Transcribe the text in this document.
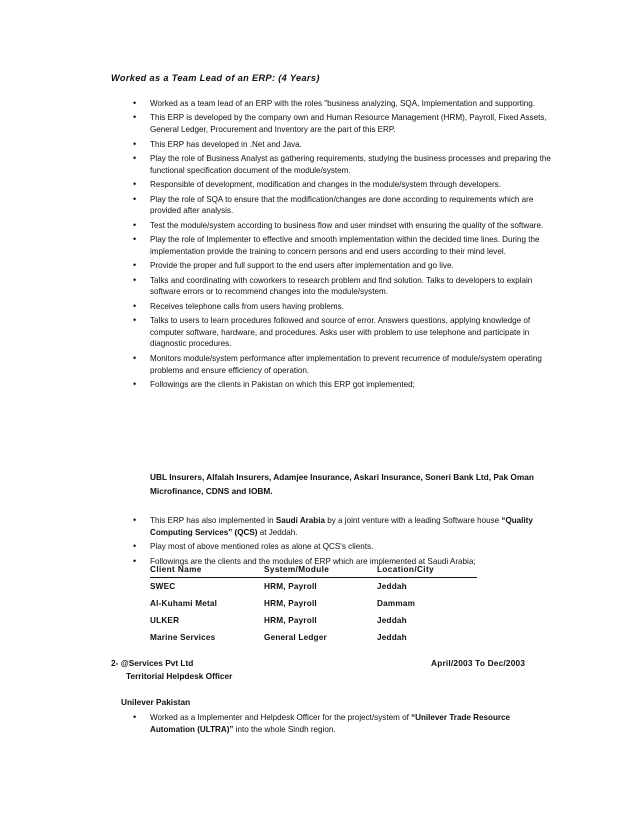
Worked as a Team Lead of an ERP: (4 Years)
• Worked as a team lead of an ERP with the roles "business analyzing, SQA, Implementation and supporting.
• This ERP is developed by the company own and Human Resource Management (HRM), Payroll, Fixed Assets, General Ledger, Procurement and Inventory are the part of this ERP.
• This ERP has developed in .Net and Java.
• Play the role of Business Analyst as gathering requirements, studying the business processes and preparing the functional specification document of the module/system.
• Responsible of development, modification and changes in the module/system through developers.
• Play the role of SQA to ensure that the modification/changes are done according to requirements which are provided after analysis.
• Test the module/system according to business flow and user mindset with ensuring the quality of the software.
• Play the role of Implementer to effective and smooth implementation within the decided time lines. During the implementation provide the training to concern persons and end users according to their mind level.
• Provide the proper and full support to the end users after implementation and go live.
• Talks and coordinating with coworkers to research problem and find solution. Talks to developers to explain software errors or to recommend changes into the module/system.
• Receives telephone calls from users having problems.
• Talks to users to learn procedures followed and source of error. Answers questions, applying knowledge of computer software, hardware, and procedures. Asks user with problem to use telephone and participate in diagnostic procedures.
• Monitors module/system performance after implementation to prevent recurrence of module/system operating problems and ensure efficiency of operation.
• Followings are the clients in Pakistan on which this ERP got implemented;
UBL Insurers, Alfalah Insurers, Adamjee Insurance, Askari Insurance, Soneri Bank Ltd, Pak Oman Microfinance, CDNS and IOBM.
• This ERP has also implemented in Saudi Arabia by a joint venture with a leading Software house “Quality Computing Services” (QCS) at Jeddah.
• Play most of above mentioned roles as alone at QCS's clients.
• Followings are the clients and the modules of ERP which are implemented at Saudi Arabia;
Client Name	System/Module	Location/City

SWEC	HRM, Payroll	Jeddah
Al-Kuhami Metal	HRM, Payroll	Dammam
ULKER	HRM, Payroll	Jeddah
Marine Services	General Ledger	Jeddah
2- @Services Pvt Ltd	April/2003 To Dec/2003
Territorial Helpdesk Officer
Unilever Pakistan
• Worked as a Implementer and Helpdesk Officer for the project/system of “Unilever Trade Resource Automation (ULTRA)” into the whole Sindh region.
